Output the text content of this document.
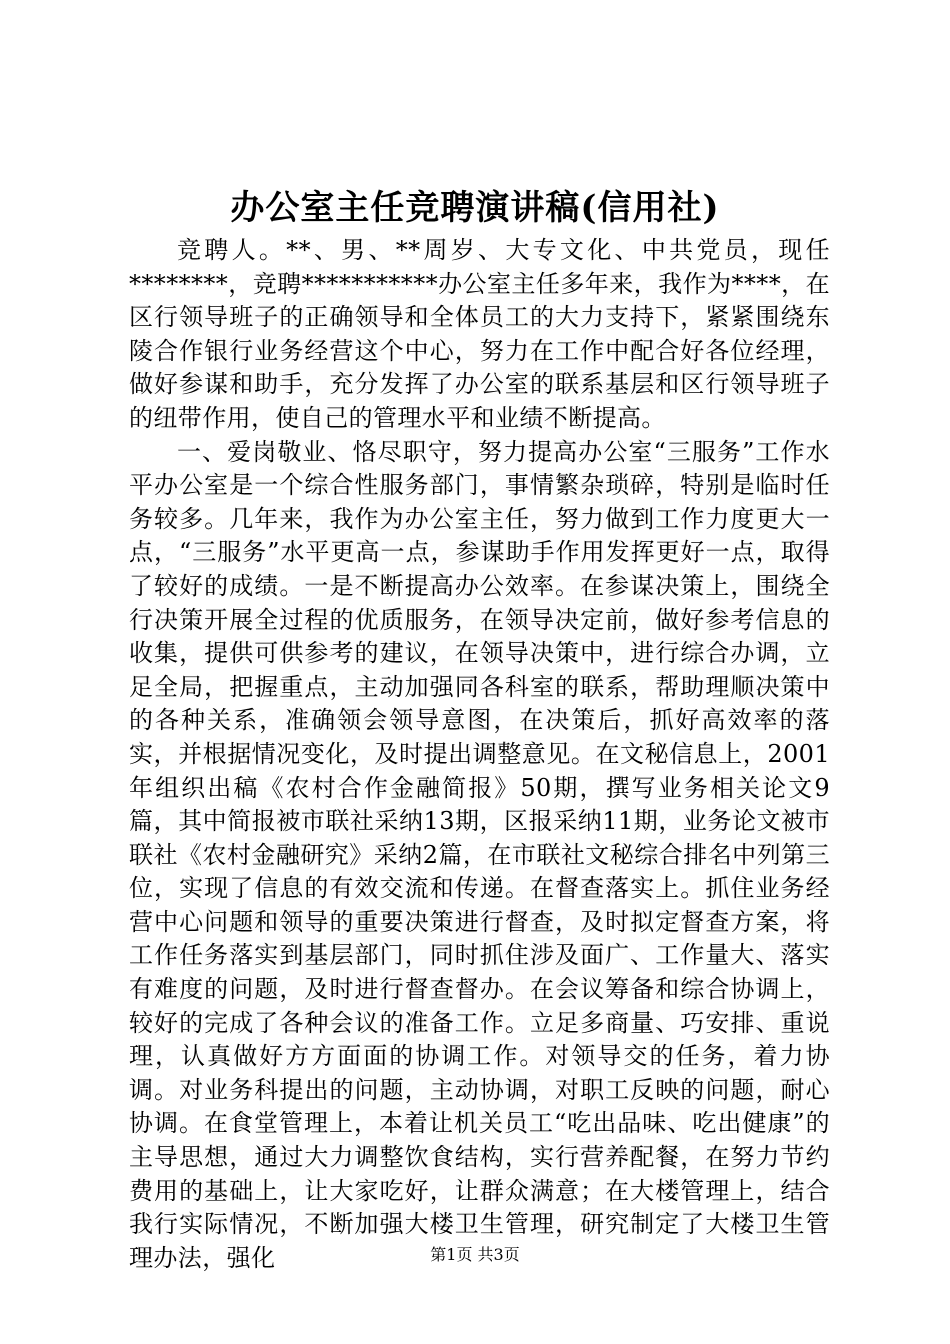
办公室主任竞聘演讲稿(信用社)

竞聘人。**、男、**周岁、大专文化、中共党员，现任********，竞聘***********办公室主任多年来，我作为****，在区行领导班子的正确领导和全体员工的大力支持下，紧紧围绕东陵合作银行业务经营这个中心，努力在工作中配合好各位经理，做好参谋和助手，充分发挥了办公室的联系基层和区行领导班子的纽带作用，使自己的管理水平和业绩不断提高。

一、爱岗敬业、恪尽职守，努力提高办公室“三服务”工作水平办公室是一个综合性服务部门，事情繁杂琐碎，特别是临时任务较多。几年来，我作为办公室主任，努力做到工作力度更大一点，“三服务”水平更高一点，参谋助手作用发挥更好一点，取得了较好的成绩。一是不断提高办公效率。在参谋决策上，围绕全行决策开展全过程的优质服务，在领导决定前，做好参考信息的收集，提供可供参考的建议，在领导决策中，进行综合办调，立足全局，把握重点，主动加强同各科室的联系，帮助理顺决策中的各种关系，准确领会领导意图，在决策后，抓好高效率的落实，并根据情况变化，及时提出调整意见。在文秘信息上，2001年组织出稿《农村合作金融简报》50期，撰写业务相关论文9篇，其中简报被市联社采纳13期，区报采纳11期，业务论文被市联社《农村金融研究》采纳2篇，在市联社文秘综合排名中列第三位，实现了信息的有效交流和传递。在督查落实上。抓住业务经营中心问题和领导的重要决策进行督查，及时拟定督查方案，将工作任务落实到基层部门，同时抓住涉及面广、工作量大、落实有难度的问题，及时进行督查督办。在会议筹备和综合协调上，较好的完成了各种会议的准备工作。立足多商量、巧安排、重说理，认真做好方方面面的协调工作。对领导交的任务，着力协调。对业务科提出的问题，主动协调，对职工反映的问题，耐心协调。在食堂管理上，本着让机关员工“吃出品味、吃出健康”的主导思想，通过大力调整饮食结构，实行营养配餐，在努力节约费用的基础上，让大家吃好，让群众满意；在大楼管理上，结合我行实际情况，不断加强大楼卫生管理，研究制定了大楼卫生管理办法，强化	第1页 共3页
